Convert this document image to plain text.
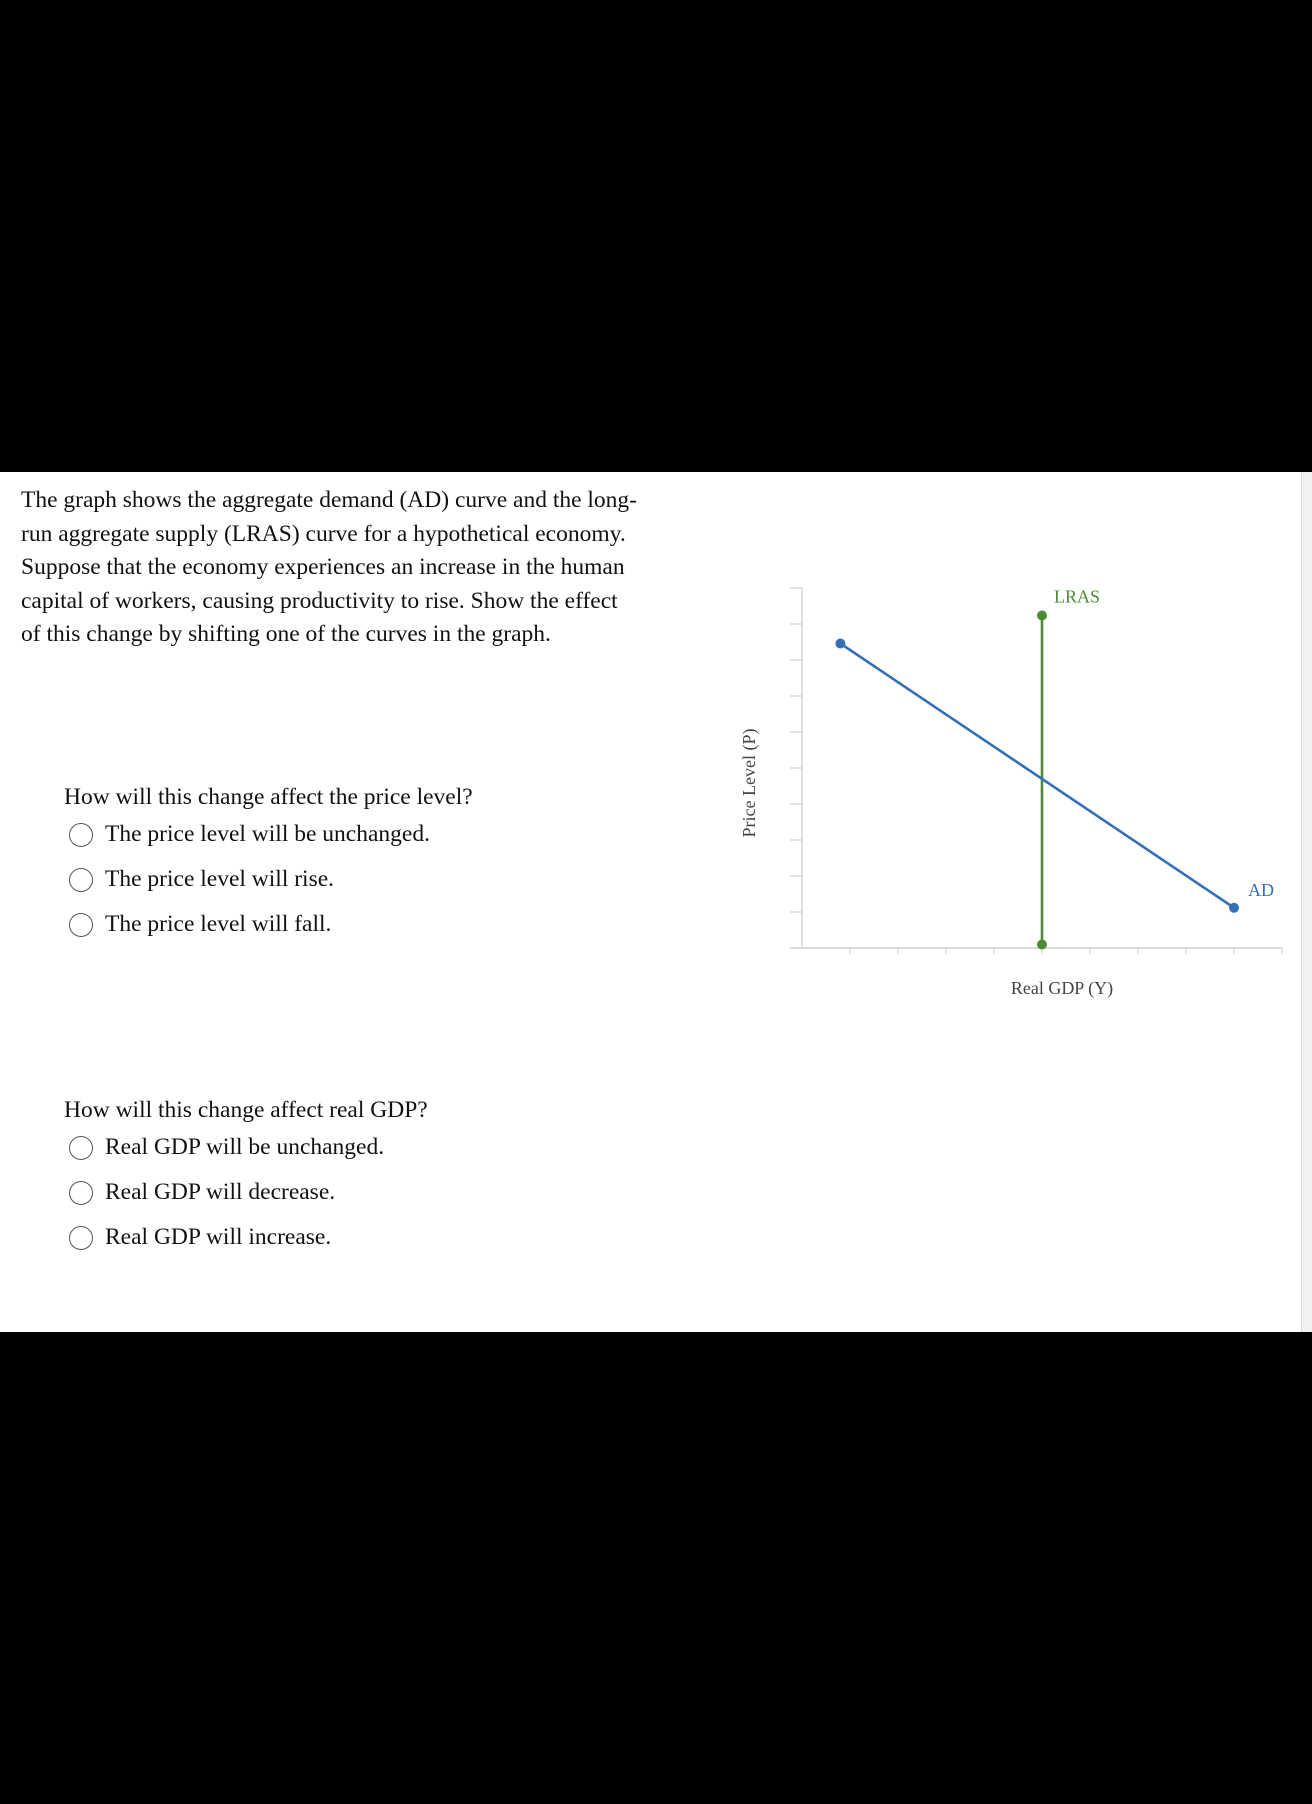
The graph shows the aggregate demand (AD) curve and the long-run aggregate supply (LRAS) curve for a hypothetical economy. Suppose that the economy experiences an increase in the human capital of workers, causing productivity to rise. Show the effect of this change by shifting one of the curves in the graph.
How will this change affect the price level?
The price level will be unchanged.
The price level will rise.
The price level will fall.
How will this change affect real GDP?
Real GDP will be unchanged.
Real GDP will decrease.
Real GDP will increase.
Price Level (P)
Real GDP (Y)
LRAS
AD
